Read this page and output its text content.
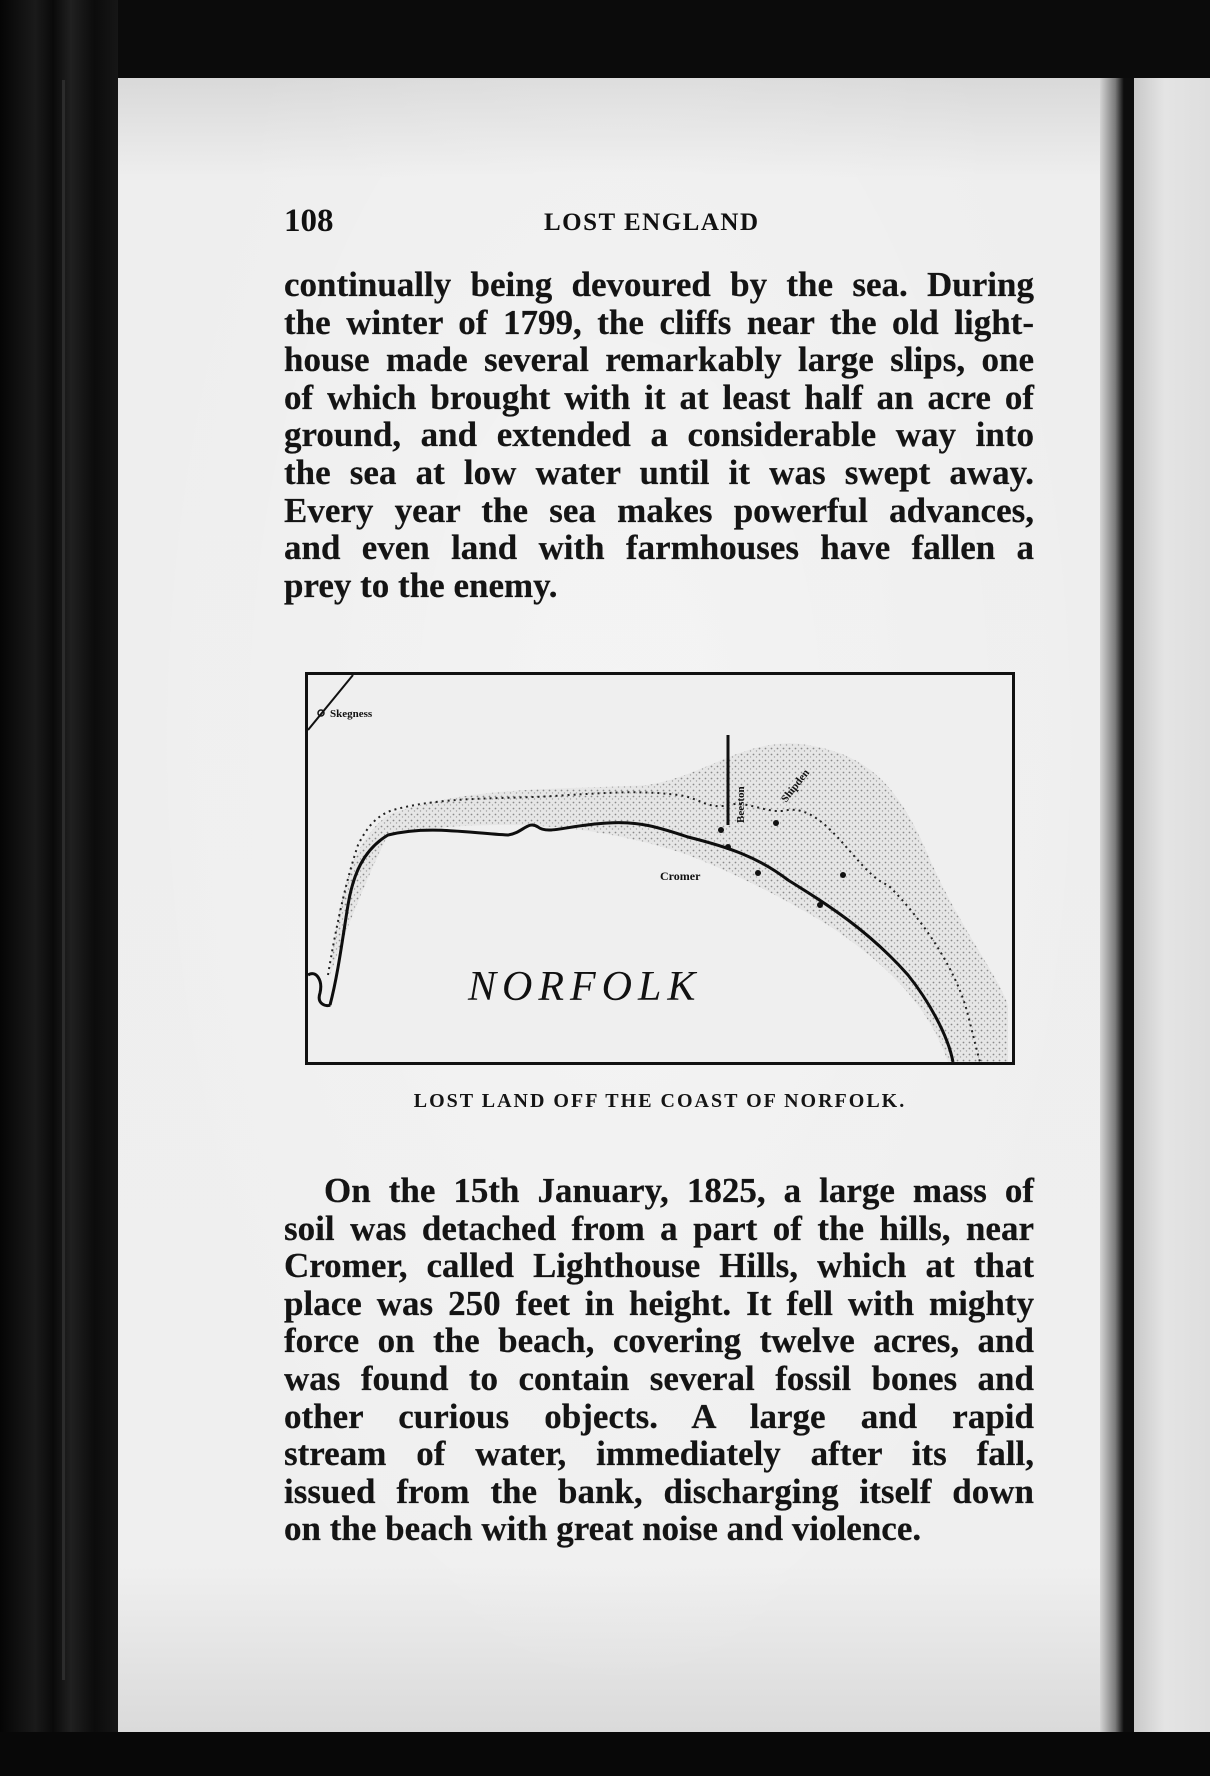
108	LOST ENGLAND
continually being devoured by the sea. During
the winter of 1799, the cliffs near the old light-
house made several remarkably large slips, one
of which brought with it at least half an acre of
ground, and extended a considerable way into
the sea at low water until it was swept away.
Every year the sea makes powerful advances,
and even land with farmhouses have fallen a
prey to the enemy.
Skegness
Beeston	Shipden
Cromer
NORFOLK
LOST LAND OFF THE COAST OF NORFOLK.
On the 15th January, 1825, a large mass of
soil was detached from a part of the hills, near
Cromer, called Lighthouse Hills, which at that
place was 250 feet in height. It fell with mighty
force on the beach, covering twelve acres, and
was found to contain several fossil bones and
other curious objects. A large and rapid
stream of water, immediately after its fall,
issued from the bank, discharging itself down
on the beach with great noise and violence.
